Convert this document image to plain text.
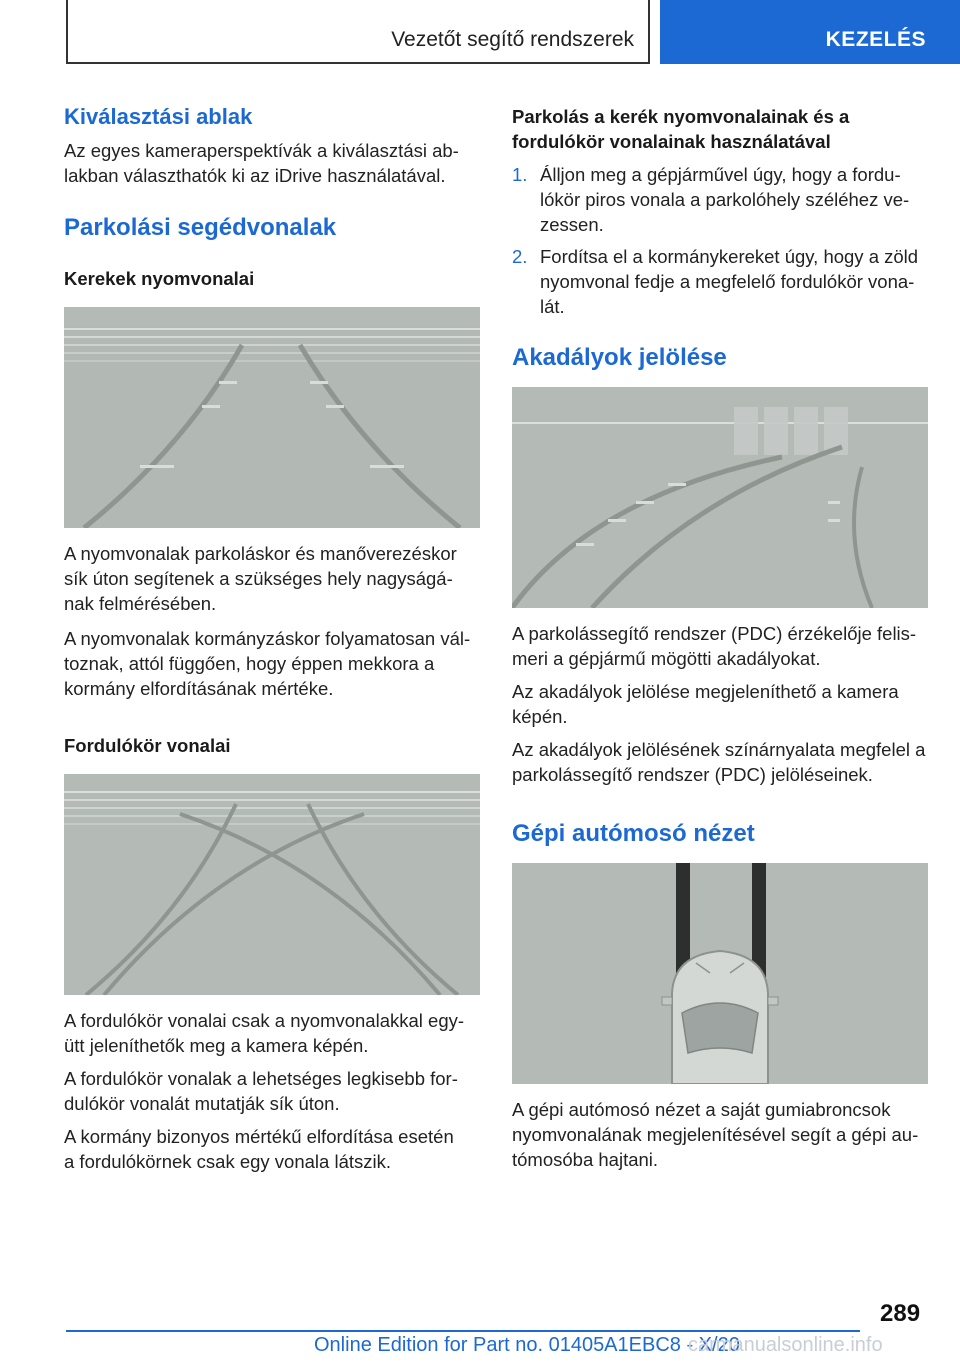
Vezetőt segítő rendszerek	KEZELÉS
Kiválasztási ablak
Az egyes kameraperspektívák a kiválasztási ab-
lakban választhatók ki az iDrive használatával.
Parkolási segédvonalak
Kerekek nyomvonalai
A nyomvonalak parkoláskor és manőverezéskor
sík úton segítenek a szükséges hely nagyságá-
nak felmérésében.
A nyomvonalak kormányzáskor folyamatosan vál-
toznak, attól függően, hogy éppen mekkora a
kormány elfordításának mértéke.
Fordulókör vonalai
A fordulókör vonalai csak a nyomvonalakkal egy-
ütt jeleníthetők meg a kamera képén.
A fordulókör vonalak a lehetséges legkisebb for-
dulókör vonalát mutatják sík úton.
A kormány bizonyos mértékű elfordítása esetén
a fordulókörnek csak egy vonala látszik.
Parkolás a kerék nyomvonalainak és a
fordulókör vonalainak használatával
1. Álljon meg a gépjárművel úgy, hogy a fordu-
lókör piros vonala a parkolóhely széléhez ve-
zessen.
2. Fordítsa el a kormánykereket úgy, hogy a zöld
nyomvonal fedje a megfelelő fordulókör vona-
lát.
Akadályok jelölése
A parkolássegítő rendszer (PDC) érzékelője felis-
meri a gépjármű mögötti akadályokat.
Az akadályok jelölése megjeleníthető a kamera
képén.
Az akadályok jelölésének színárnyalata megfelel a
parkolássegítő rendszer (PDC) jelöléseinek.
Gépi autómosó nézet
A gépi autómosó nézet a saját gumiabroncsok
nyomvonalának megjelenítésével segít a gépi au-
tómosóba hajtani.
289
Online Edition for Part no. 01405A1EBC8 - X/20
carmanualsonline.info
